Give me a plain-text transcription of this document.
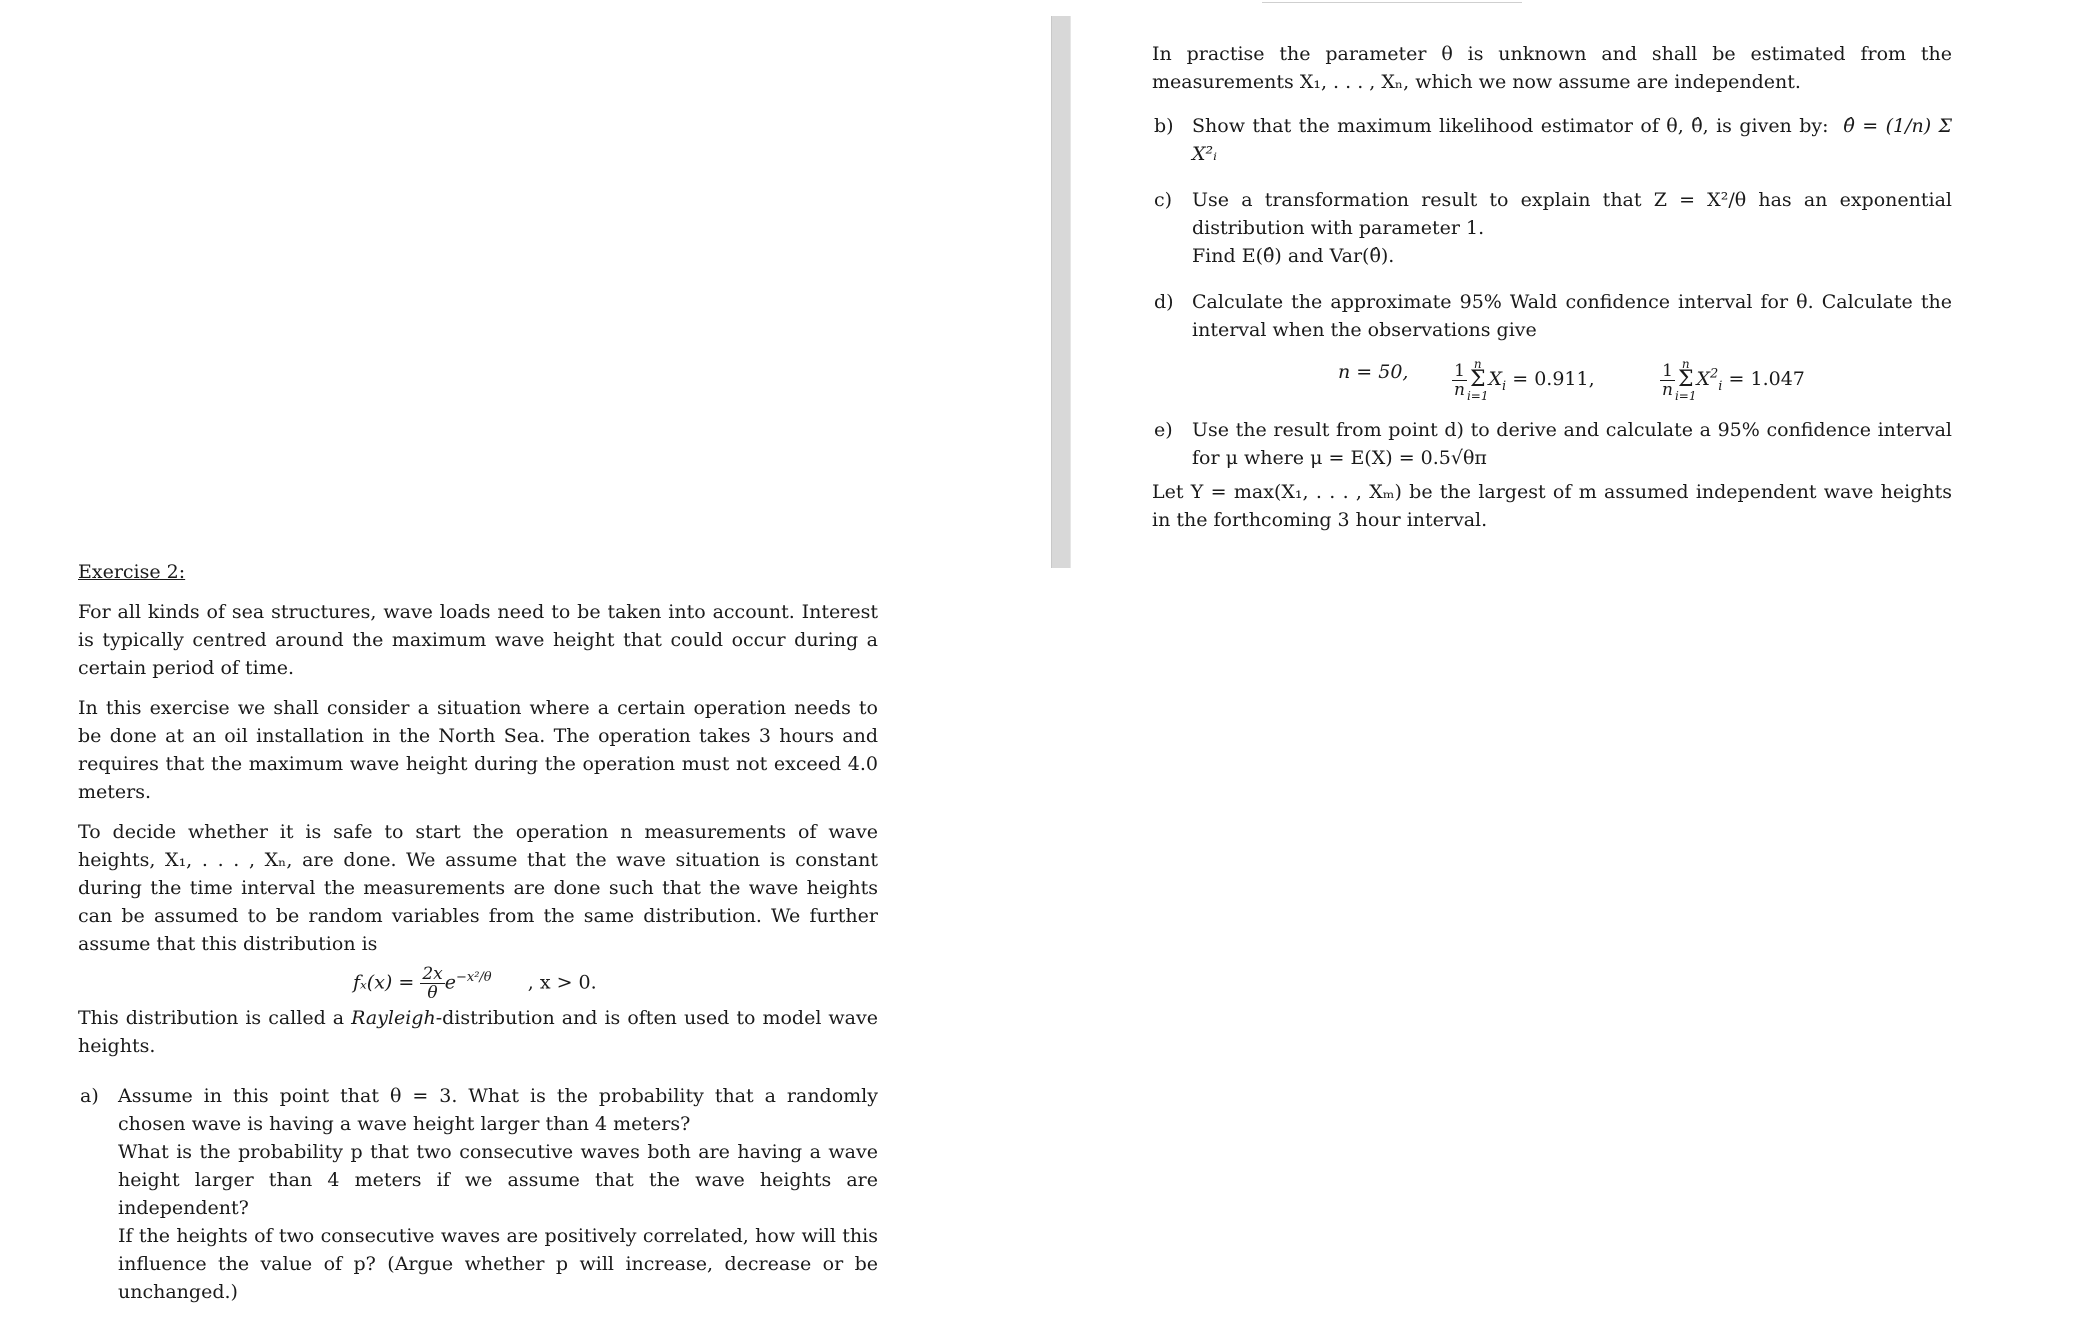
Exercise 2:

For all kinds of sea structures, wave loads need to be taken into account. Interest is typically centred around the maximum wave height that could occur during a certain period of time.

In this exercise we shall consider a situation where a certain operation needs to be done at an oil installation in the North Sea. The operation takes 3 hours and requires that the maximum wave height during the operation must not exceed 4.0 meters.

To decide whether it is safe to start the operation n measurements of wave heights, X₁, . . . , Xₙ, are done. We assume that the wave situation is constant during the time interval the measurements are done such that the wave heights can be assumed to be random variables from the same distribution. We further assume that this distribution is

$f_x(x) = \frac{2x}{\theta} e^{-x^2/\theta}$ , x > 0.

This distribution is called a Rayleigh-distribution and is often used to model wave heights.

a) Assume in this point that θ = 3. What is the probability that a randomly chosen wave is having a wave height larger than 4 meters?

What is the probability p that two consecutive waves both are having a wave height larger than 4 meters if we assume that the wave heights are independent?

If the heights of two consecutive waves are positively correlated, how will this influence the value of p? (Argue whether p will increase, decrease or be unchanged.)

In practise the parameter θ is unknown and shall be estimated from the measurements X₁, . . . , Xₙ, which we now assume are independent.

b) Show that the maximum likelihood estimator of θ, θ̂, is given by: θ̂ = (1/n) Σ X²ᵢ

c) Use a transformation result to explain that Z = X²/θ has an exponential distribution with parameter 1.

Find E(θ̂) and Var(θ̂).

d) Calculate the approximate 95% Wald confidence interval for θ. Calculate the interval when the observations give

n = 50,	$\frac{1}{n}$ n
Σ
$i=1X_i = 0.911$,	$\frac{1}{n}$ n
Σ
$i=1X^2_i = 1.047$
e) Use the result from point d) to derive and calculate a 95% confidence interval for μ where μ = E(X) = 0.5√θπ

Let Y = max(X₁, . . . , Xₘ) be the largest of m assumed independent wave heights in the forthcoming 3 hour interval.
